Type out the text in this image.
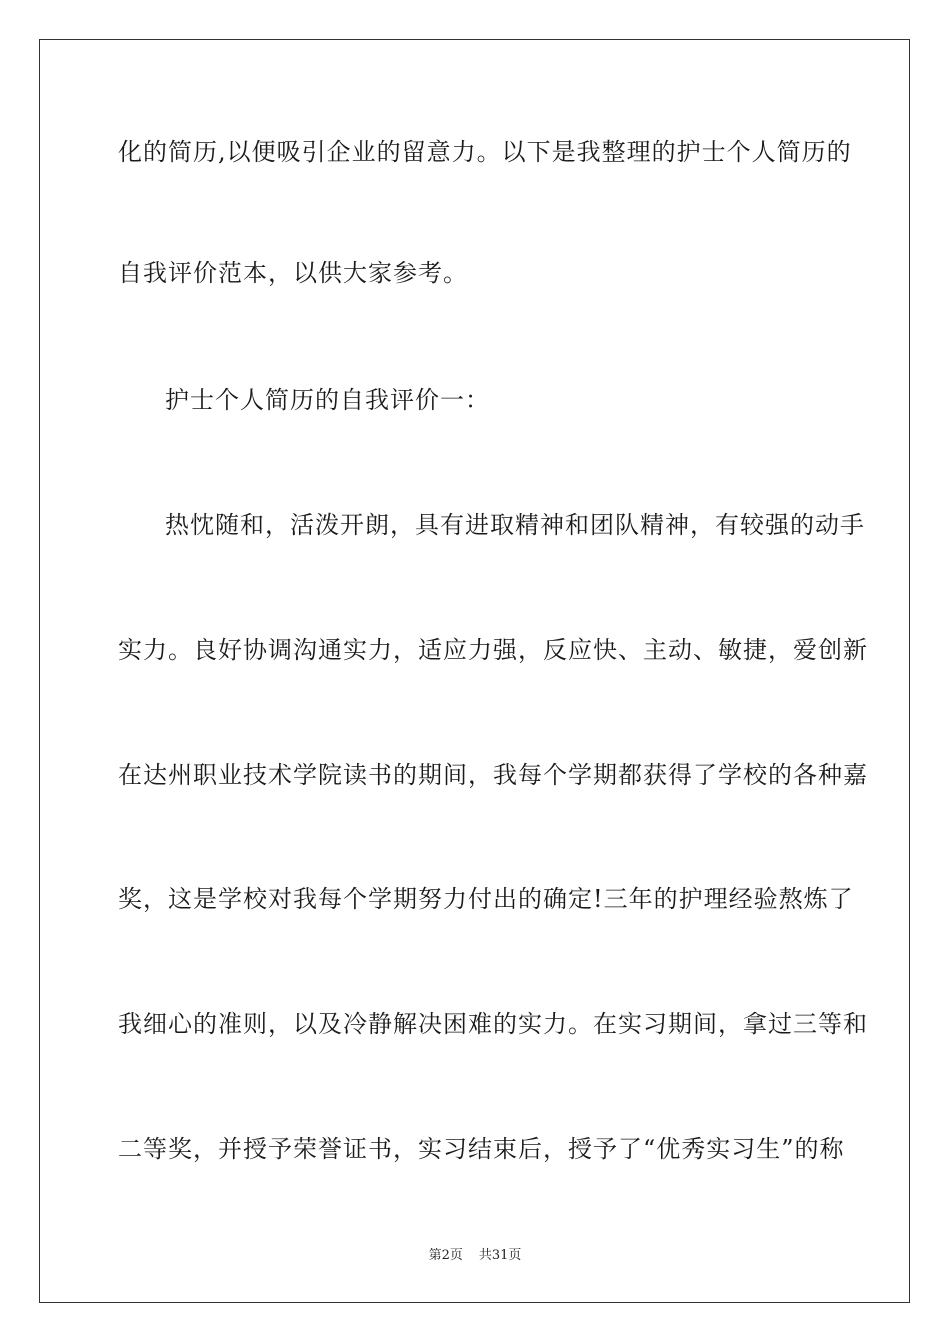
化的简历,以便吸引企业的留意力。以下是我整理的护士个人简历的
自我评价范本，以供大家参考。
护士个人简历的自我评价一：
热忱随和，活泼开朗，具有进取精神和团队精神，有较强的动手
实力。良好协调沟通实力，适应力强，反应快、主动、敏捷，爱创新
在达州职业技术学院读书的期间，我每个学期都获得了学校的各种嘉
奖，这是学校对我每个学期努力付出的确定!三年的护理经验熬炼了
我细心的准则，以及冷静解决困难的实力。在实习期间，拿过三等和
二等奖，并授予荣誉证书，实习结束后，授予了“优秀实习生”的称
第2页 共31页
